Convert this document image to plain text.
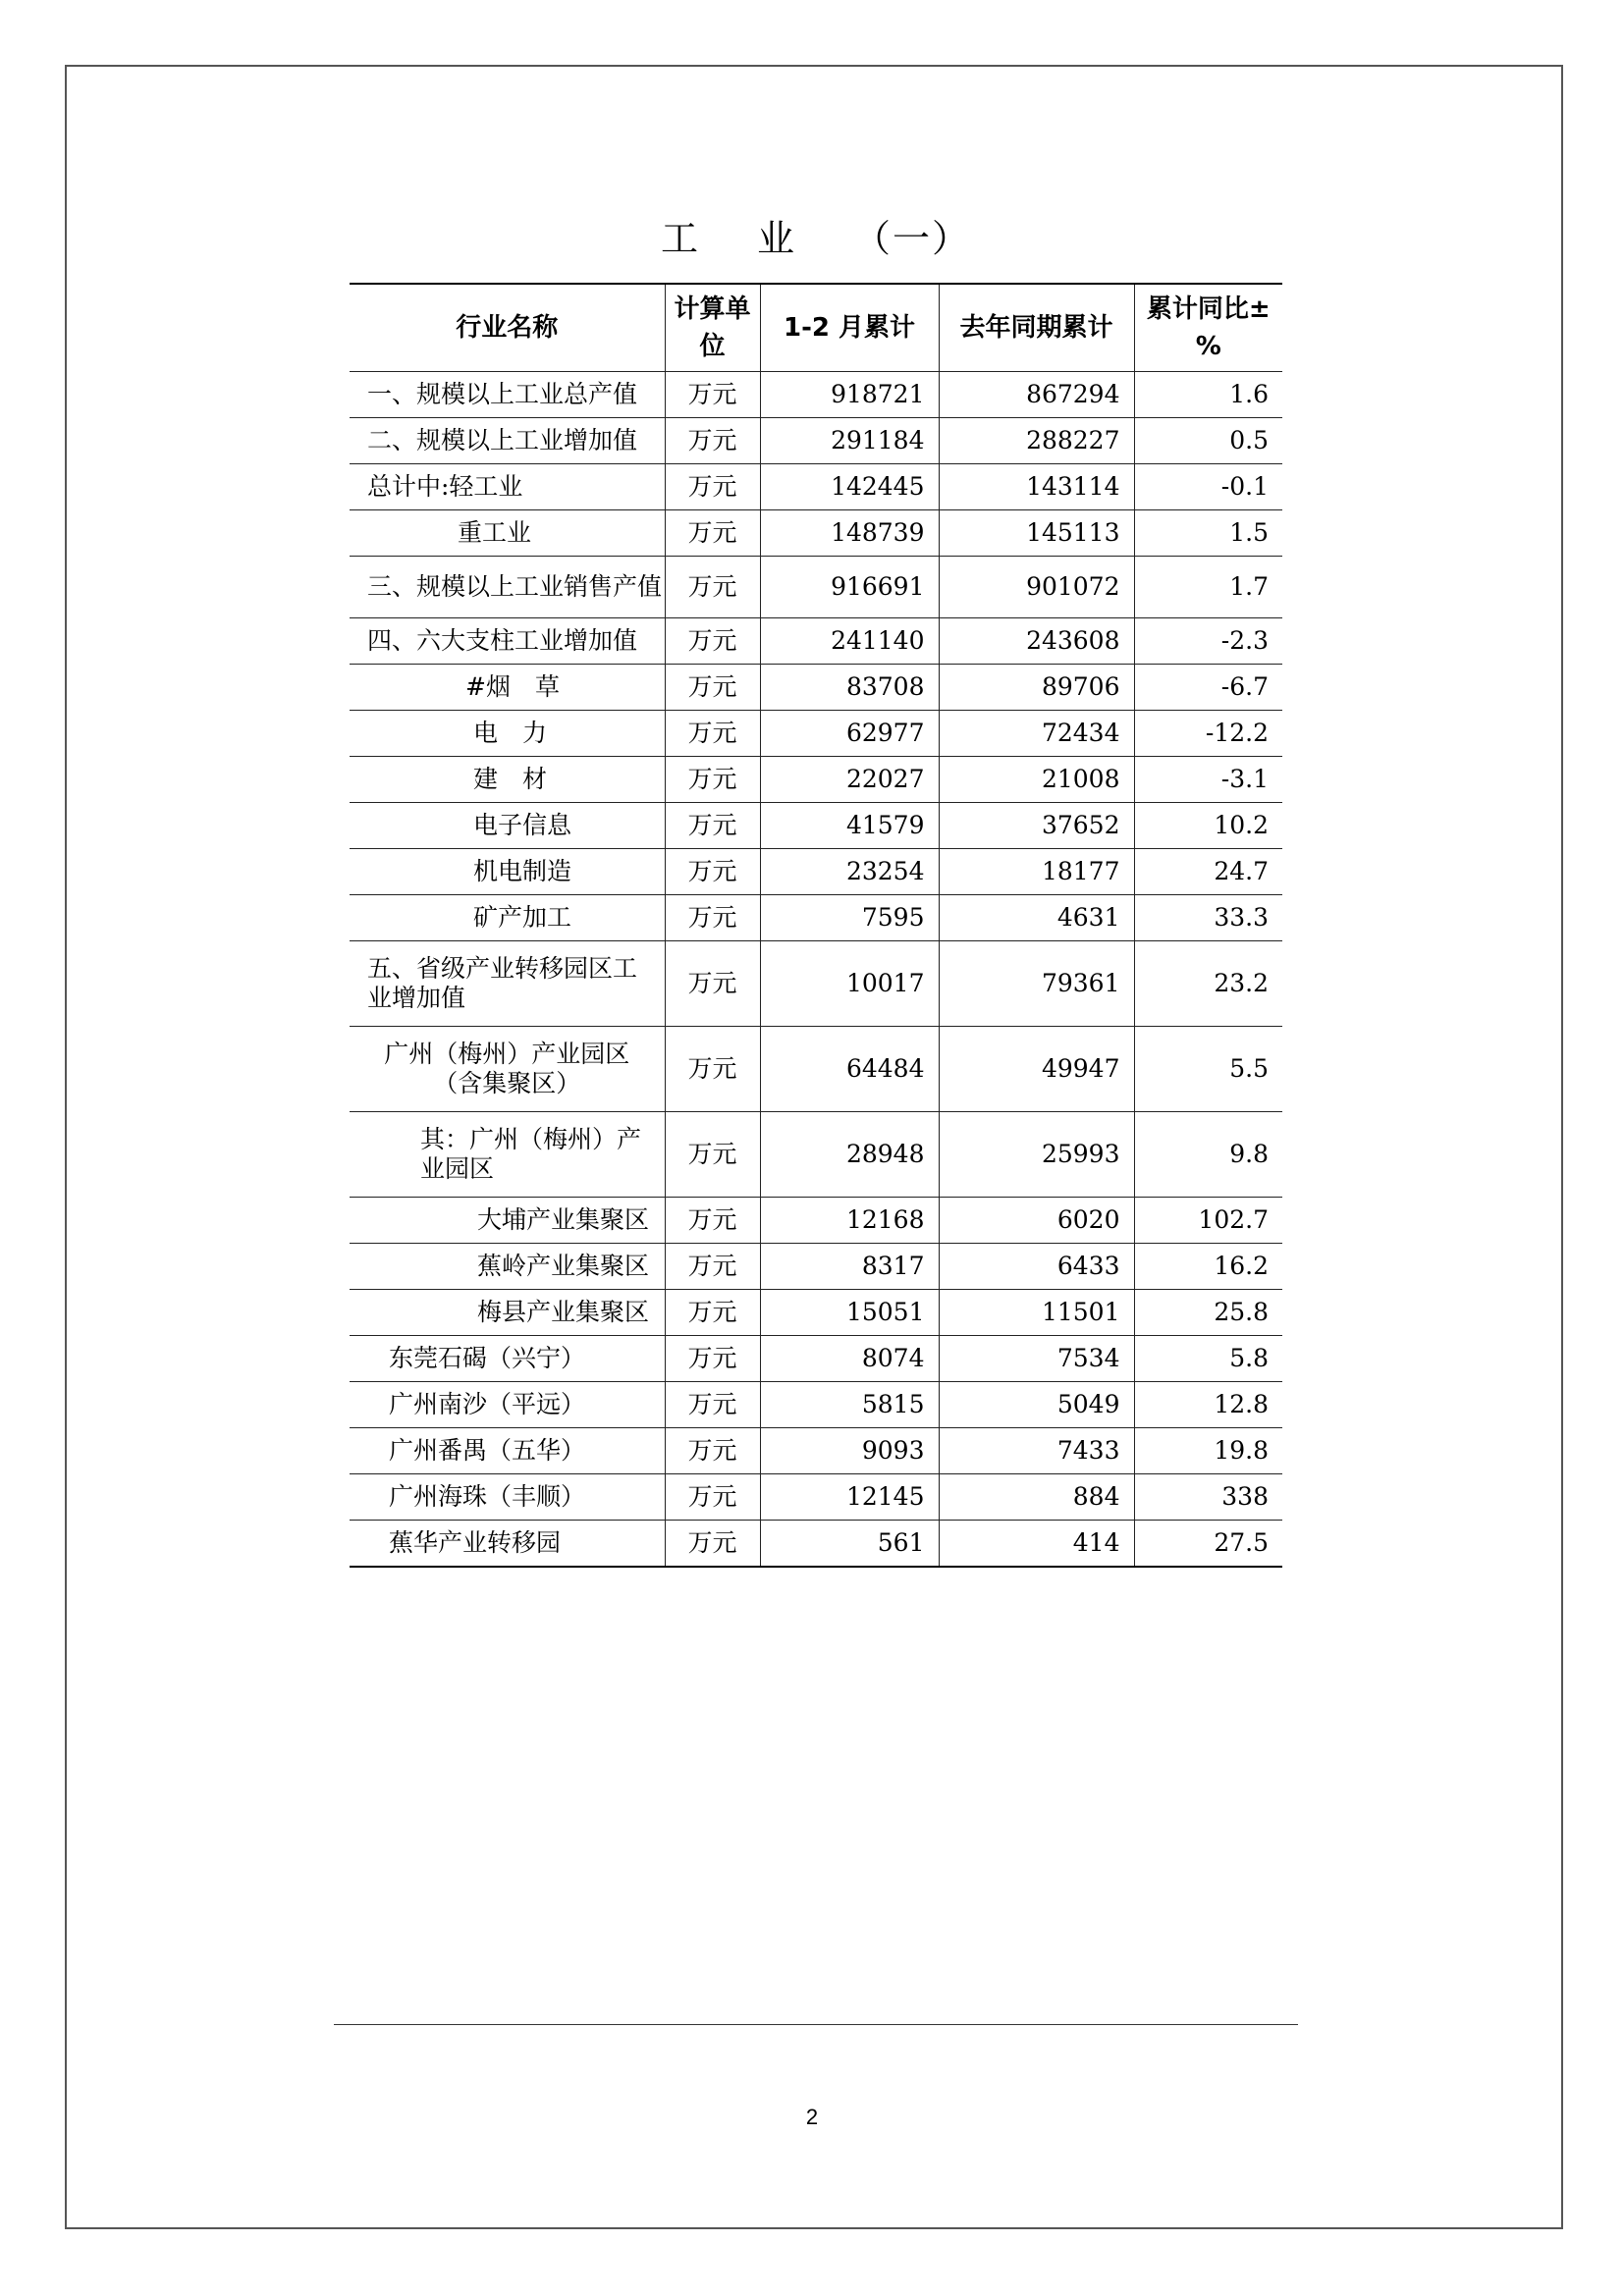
工业（一）
行业名称	计算单位	1-2 月累计	去年同期累计	累计同比±%
一、规模以上工业总产值	万元	918721	867294	1.6
二、规模以上工业增加值	万元	291184	288227	0.5
总计中:轻工业	万元	142445	143114	-0.1
重工业	万元	148739	145113	1.5
三、规模以上工业销售产值	万元	916691	901072	1.7
四、六大支柱工业增加值	万元	241140	243608	-2.3
#烟　草	万元	83708	89706	-6.7
电　力	万元	62977	72434	-12.2
建　材	万元	22027	21008	-3.1
电子信息	万元	41579	37652	10.2
机电制造	万元	23254	18177	24.7
矿产加工	万元	7595	4631	33.3
五、省级产业转移园区工业增加值	万元	10017	79361	23.2
广州（梅州）产业园区（含集聚区）	万元	64484	49947	5.5
其：广州（梅州）产业园区	万元	28948	25993	9.8
大埔产业集聚区	万元	12168	6020	102.7
蕉岭产业集聚区	万元	8317	6433	16.2
梅县产业集聚区	万元	15051	11501	25.8
东莞石碣（兴宁）	万元	8074	7534	5.8
广州南沙（平远）	万元	5815	5049	12.8
广州番禺（五华）	万元	9093	7433	19.8
广州海珠（丰顺）	万元	12145	884	338
蕉华产业转移园	万元	561	414	27.5
2
